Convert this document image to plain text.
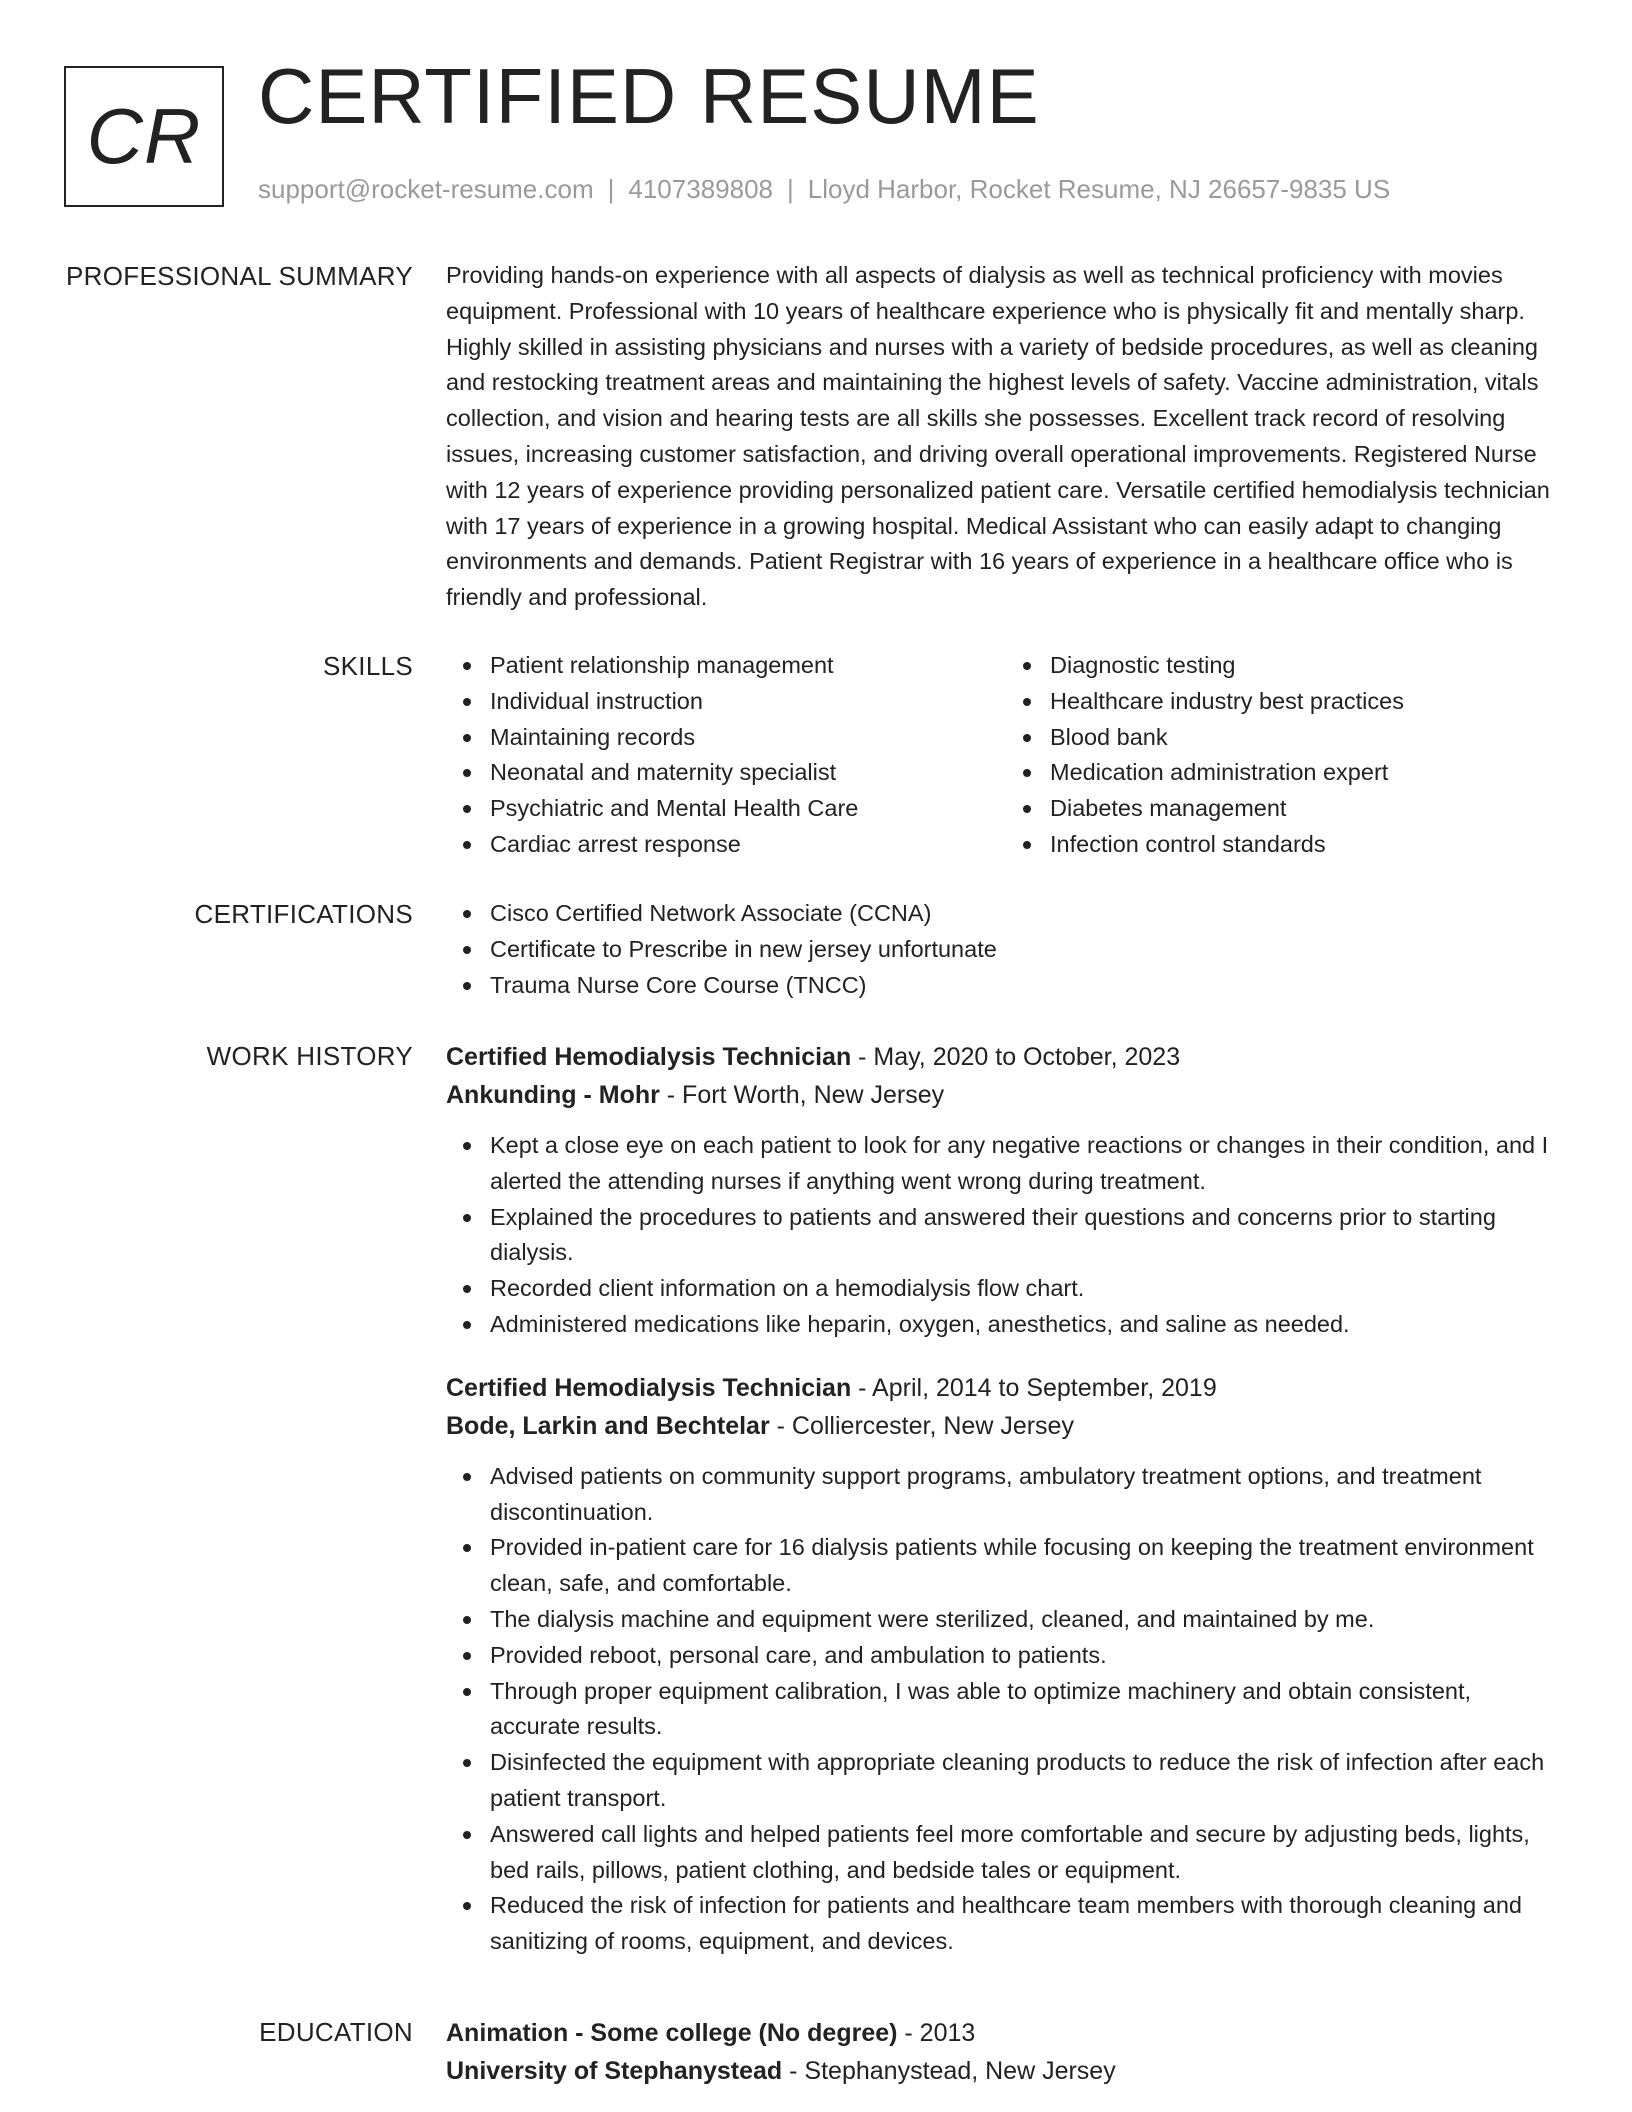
CR CERTIFIED RESUME
support@rocket-resume.com | 4107389808 | Lloyd Harbor, Rocket Resume, NJ 26657-9835 US
PROFESSIONAL SUMMARY Providing hands-on experience with all aspects of dialysis as well as technical proficiency with movies equipment. Professional with 10 years of healthcare experience who is physically fit and mentally sharp. Highly skilled in assisting physicians and nurses with a variety of bedside procedures, as well as cleaning and restocking treatment areas and maintaining the highest levels of safety. Vaccine administration, vitals collection, and vision and hearing tests are all skills she possesses. Excellent track record of resolving issues, increasing customer satisfaction, and driving overall operational improvements. Registered Nurse with 12 years of experience providing personalized patient care. Versatile certified hemodialysis technician with 17 years of experience in a growing hospital. Medical Assistant who can easily adapt to changing environments and demands. Patient Registrar with 16 years of experience in a healthcare office who is friendly and professional.

SKILLS	Patient relationship management
Individual instruction
Maintaining records
Neonatal and maternity specialist
Psychiatric and Mental Health Care
Cardiac arrest response
Diagnostic testing
Healthcare industry best practices
Blood bank
Medication administration expert
Diabetes management
Infection control standards
CERTIFICATIONS	Cisco Certified Network Associate (CCNA)
Certificate to Prescribe in new jersey unfortunate
Trauma Nurse Core Course (TNCC)
WORK HISTORY Certified Hemodialysis Technician - May, 2020 to October, 2023
Ankunding - Mohr - Fort Worth, New Jersey
Kept a close eye on each patient to look for any negative reactions or changes in their condition, and I alerted the attending nurses if anything went wrong during treatment.
Explained the procedures to patients and answered their questions and concerns prior to starting dialysis.
Recorded client information on a hemodialysis flow chart.
Administered medications like heparin, oxygen, anesthetics, and saline as needed.
Certified Hemodialysis Technician - April, 2014 to September, 2019
Bode, Larkin and Bechtelar - Colliercester, New Jersey
Advised patients on community support programs, ambulatory treatment options, and treatment discontinuation.
Provided in-patient care for 16 dialysis patients while focusing on keeping the treatment environment clean, safe, and comfortable.
The dialysis machine and equipment were sterilized, cleaned, and maintained by me.
Provided reboot, personal care, and ambulation to patients.
Through proper equipment calibration, I was able to optimize machinery and obtain consistent, accurate results.
Disinfected the equipment with appropriate cleaning products to reduce the risk of infection after each patient transport.
Answered call lights and helped patients feel more comfortable and secure by adjusting beds, lights, bed rails, pillows, patient clothing, and bedside tales or equipment.
Reduced the risk of infection for patients and healthcare team members with thorough cleaning and sanitizing of rooms, equipment, and devices.
EDUCATION Animation - Some college (No degree) - 2013
University of Stephanystead - Stephanystead, New Jersey
